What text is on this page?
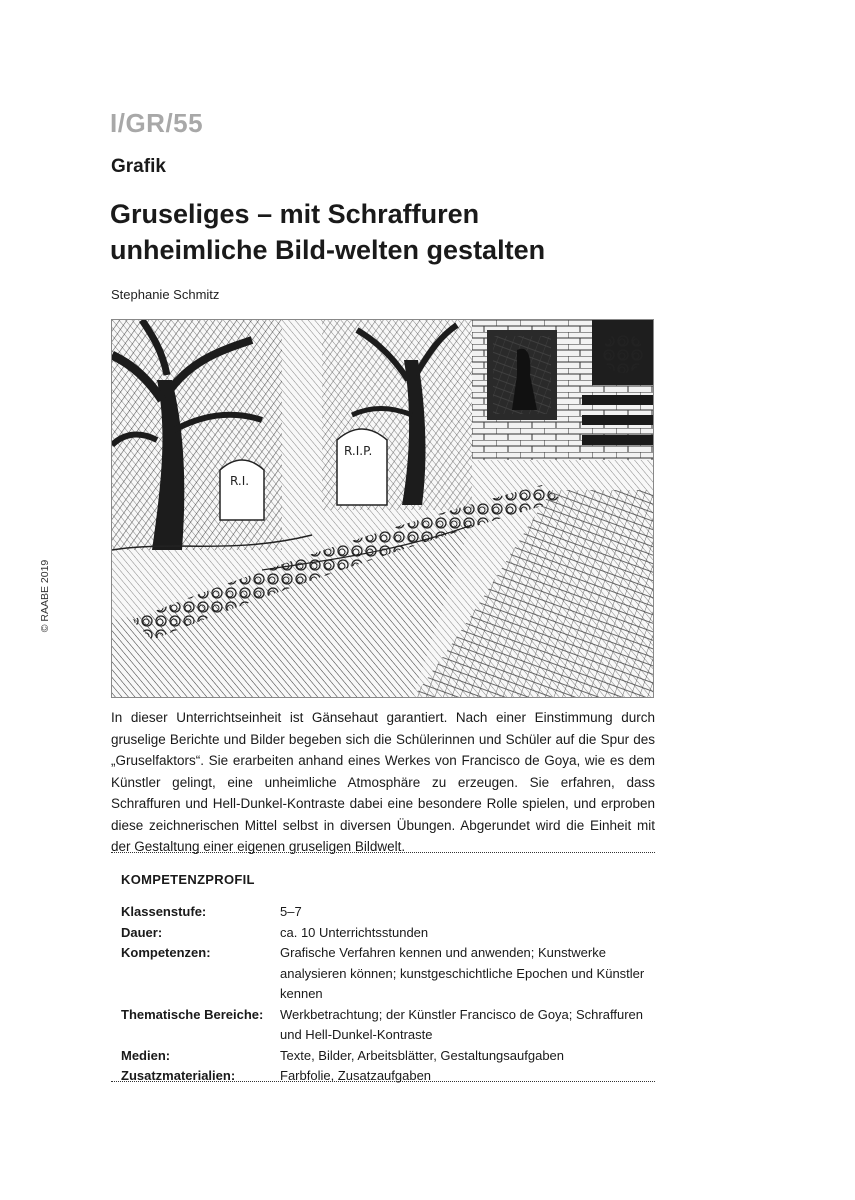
I/GR/55
Grafik
Gruseliges – mit Schraffuren unheimliche Bild-welten gestalten
Stephanie Schmitz
© RAABE 2019
R.I.
R.I.P.

In dieser Unterrichtseinheit ist Gänsehaut garantiert. Nach einer Einstimmung durch gruselige Berichte und Bilder begeben sich die Schülerinnen und Schüler auf die Spur des „Gruselfaktors“. Sie erarbeiten anhand eines Werkes von Francisco de Goya, wie es dem Künstler gelingt, eine unheimliche Atmosphäre zu erzeugen. Sie erfahren, dass Schraffuren und Hell-Dunkel-Kontraste dabei eine besondere Rolle spielen, und erproben diese zeichnerischen Mittel selbst in diversen Übungen. Abgerundet wird die Einheit mit der Gestaltung einer eigenen gruseligen Bildwelt.

KOMPETENZPROFIL
Klassenstufe:	5–7
Dauer:	ca. 10 Unterrichtsstunden
Kompetenzen:	Grafische Verfahren kennen und anwenden; Kunstwerke analysieren können; kunstgeschichtliche Epochen und Künstler kennen
Thematische Bereiche:	Werkbetrachtung; der Künstler Francisco de Goya; Schraffuren und Hell-Dunkel-Kontraste
Medien:	Texte, Bilder, Arbeitsblätter, Gestaltungsaufgaben
Zusatzmaterialien:	Farbfolie, Zusatzaufgaben
